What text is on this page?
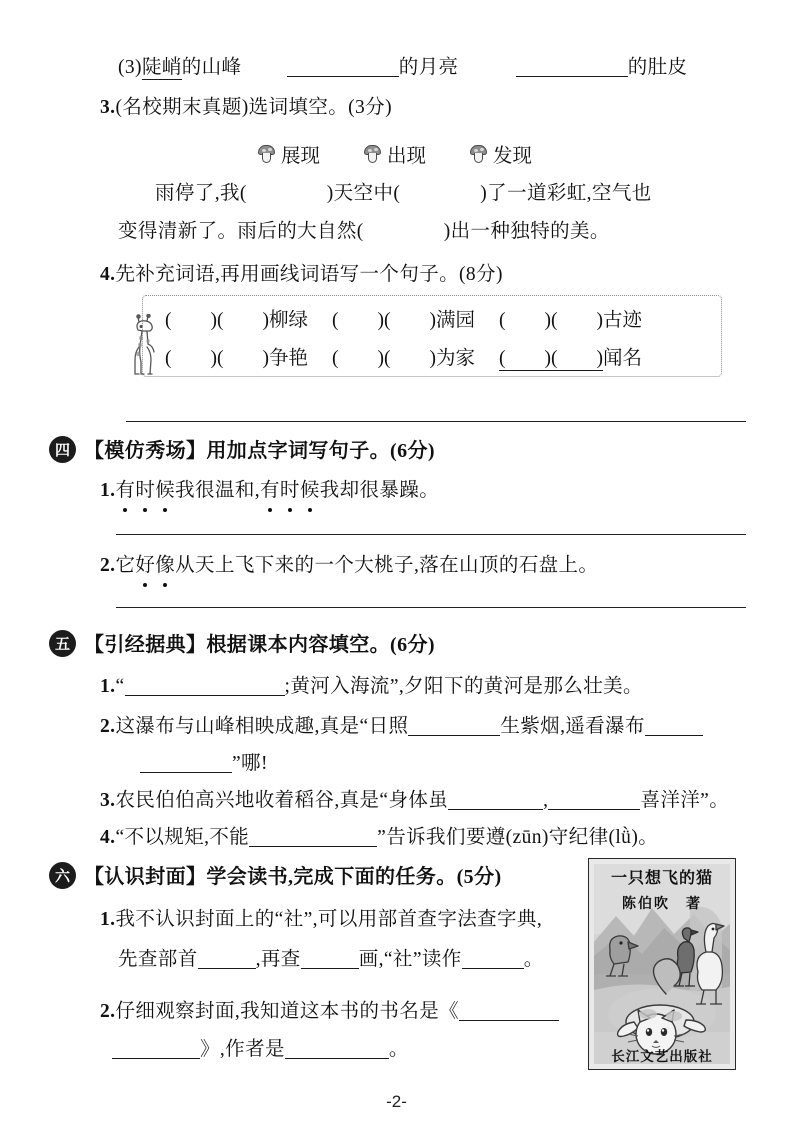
(3)陡峭的山峰	的月亮	的肚皮
3.(名校期末真题)选词填空。(3分)
展现	出现	发现
雨停了,我(	)天空中(	)了一道彩虹,空气也
变得清新了。雨后的大自然(	)出一种独特的美。
4.先补充词语,再用画线词语写一个句子。(8分)
(　　)(　　)柳绿 (　　)(　　)满园 (　　)(　　)古迹
(　　)(　　)争艳 (　　)(　　)为家 (　　)(　　)闻名
四 【模仿秀场】用加点字词写句子。(6分)
1.有时候
我很温和,有时候
我却很暴躁。
2.它好像
从天上飞下来的一个大桃子,落在山顶的石盘上。
五 【引经据典】根据课本内容填空。(6分)
1.“	;黄河入海流”,夕阳下的黄河是那么壮美。
2.这瀑布与山峰相映成趣,真是“日照	生紫烟,遥看瀑布
”哪!
3.农民伯伯高兴地收着稻谷,真是“身体虽	,	喜洋洋”。
4.“不以规矩,不能	”告诉我们要遵(zūn)守纪律(lǜ)。
六 【认识封面】学会读书,完成下面的任务。(5分)
1.我不认识封面上的“社”,可以用部首查字法查字典,
先查部首	,再查	画,“社”读作	。
2.仔细观察封面,我知道这本书的书名是《
》,作者是	。
一只想飞的猫
陈伯吹　著
长江文艺出版社
-2-
